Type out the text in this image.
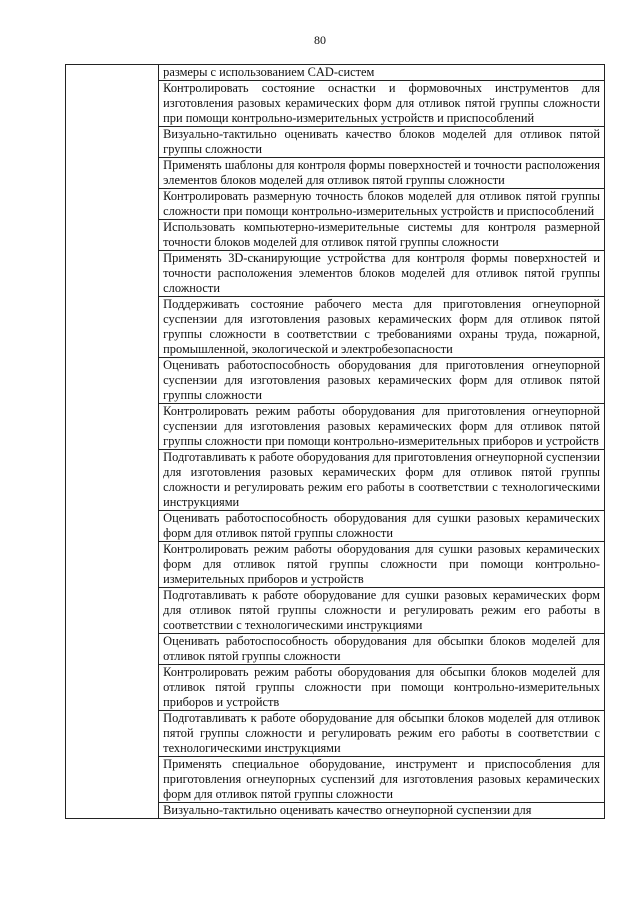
80
	размеры с использованием CAD-систем
Контролировать состояние оснастки и формовочных инструментов для изготовления разовых керамических форм для отливок пятой группы сложности при помощи контрольно-измерительных устройств и приспособлений
Визуально-тактильно оценивать качество блоков моделей для отливок пятой группы сложности
Применять шаблоны для контроля формы поверхностей и точности расположения элементов блоков моделей для отливок пятой группы сложности
Контролировать размерную точность блоков моделей для отливок пятой группы сложности при помощи контрольно-измерительных устройств и приспособлений
Использовать компьютерно-измерительные системы для контроля размерной точности блоков моделей для отливок пятой группы сложности
Применять 3D-сканирующие устройства для контроля формы поверхностей и точности расположения элементов блоков моделей для отливок пятой группы сложности
Поддерживать состояние рабочего места для приготовления огнеупорной суспензии для изготовления разовых керамических форм для отливок пятой группы сложности в соответствии с требованиями охраны труда, пожарной, промышленной, экологической и электробезопасности
Оценивать работоспособность оборудования для приготовления огнеупорной суспензии для изготовления разовых керамических форм для отливок пятой группы сложности
Контролировать режим работы оборудования для приготовления огнеупорной суспензии для изготовления разовых керамических форм для отливок пятой группы сложности при помощи контрольно-измерительных приборов и устройств
Подготавливать к работе оборудования для приготовления огнеупорной суспензии для изготовления разовых керамических форм для отливок пятой группы сложности и регулировать режим его работы в соответствии с технологическими инструкциями
Оценивать работоспособность оборудования для сушки разовых керамических форм для отливок пятой группы сложности
Контролировать режим работы оборудования для сушки разовых керамических форм для отливок пятой группы сложности при помощи контрольно-измерительных приборов и устройств
Подготавливать к работе оборудование для сушки разовых керамических форм для отливок пятой группы сложности и регулировать режим его работы в соответствии с технологическими инструкциями
Оценивать работоспособность оборудования для обсыпки блоков моделей для отливок пятой группы сложности
Контролировать режим работы оборудования для обсыпки блоков моделей для отливок пятой группы сложности при помощи контрольно-измерительных приборов и устройств
Подготавливать к работе оборудование для обсыпки блоков моделей для отливок пятой группы сложности и регулировать режим его работы в соответствии с технологическими инструкциями
Применять специальное оборудование, инструмент и приспособления для приготовления огнеупорных суспензий для изготовления разовых керамических форм для отливок пятой группы сложности
Визуально-тактильно оценивать качество огнеупорной суспензии для
